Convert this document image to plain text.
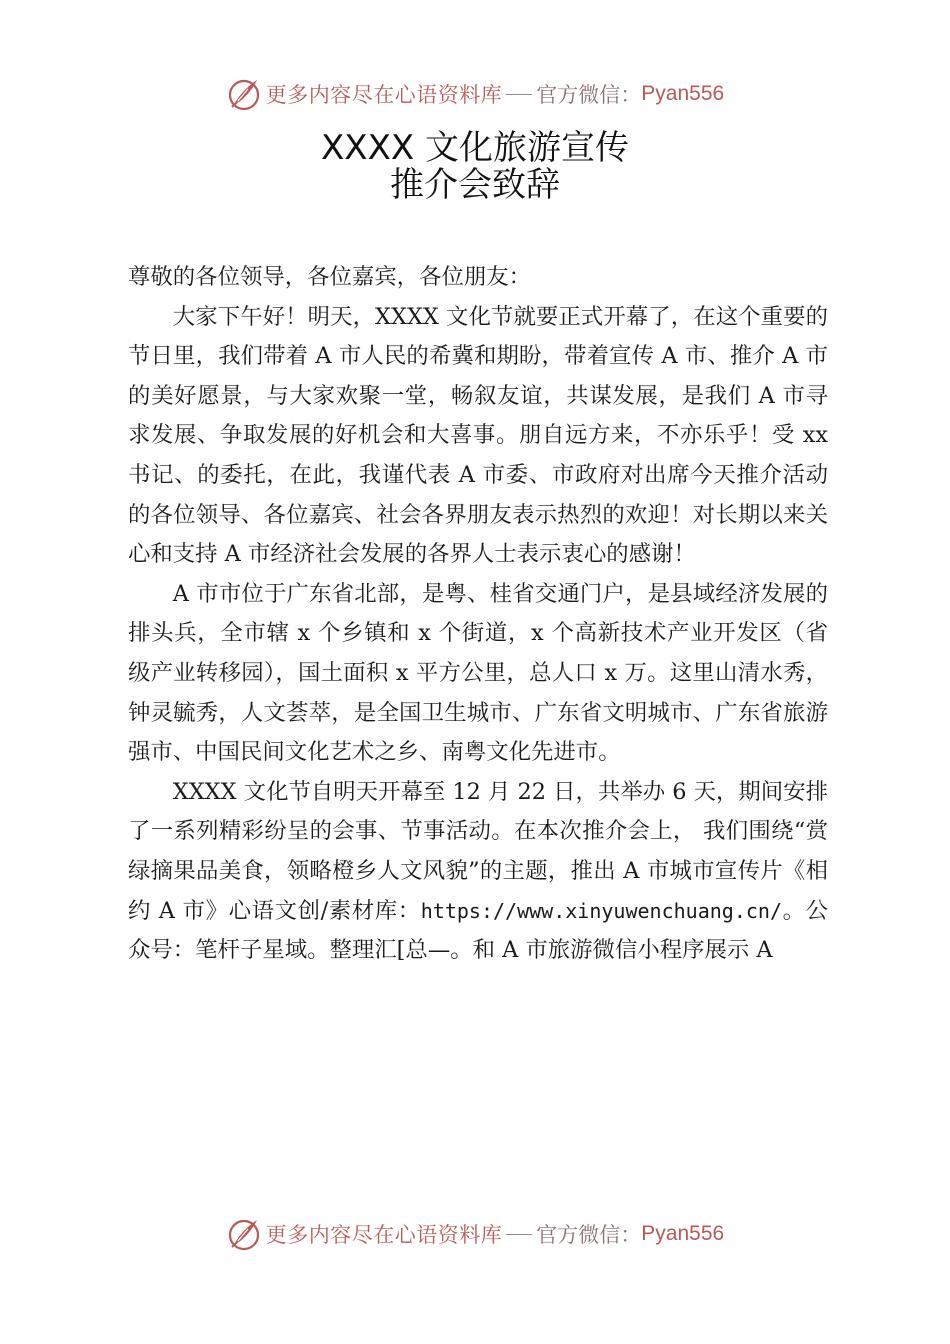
更多内容尽在心语资料库 官方微信： Pyan556
XXXX 文化旅游宣传
推介会致辞

尊敬的各位领导，各位嘉宾，各位朋友：

大家下午好！明天，XXXX 文化节就要正式开幕了，在这个重要的节日里，我们带着 A 市人民的希冀和期盼，带着宣传 A 市、推介 A 市的美好愿景，与大家欢聚一堂，畅叙友谊，共谋发展，是我们 A 市寻求发展、争取发展的好机会和大喜事。朋自远方来，不亦乐乎！受 xx 书记、的委托，在此，我谨代表 A 市委、市政府对出席今天推介活动的各位领导、各位嘉宾、社会各界朋友表示热烈的欢迎！对长期以来关心和支持 A 市经济社会发展的各界人士表示衷心的感谢！

A 市市位于广东省北部，是粤、桂省交通门户，是县域经济发展的排头兵，全市辖 x 个乡镇和 x 个街道，x 个高新技术产业开发区（省级产业转移园），国土面积 x 平方公里，总人口 x 万。这里山清水秀，钟灵毓秀，人文荟萃，是全国卫生城市、广东省文明城市、广东省旅游强市、中国民间文化艺术之乡、南粤文化先进市。

XXXX 文化节自明天开幕至 12 月 22 日，共举办 6 天，期间安排了一系列精彩纷呈的会事、节事活动。在本次推介会上， 我们围绕“赏绿摘果品美食，领略橙乡人文风貌”的主题，推出 A 市城市宣传片《相约 A 市》心语文创/素材库：https://www.xinyuwenchuang.cn/。公众号：笔杆子星域。整理汇[总—。和 A 市旅游微信小程序展示 A

更多内容尽在心语资料库 官方微信： Pyan556
